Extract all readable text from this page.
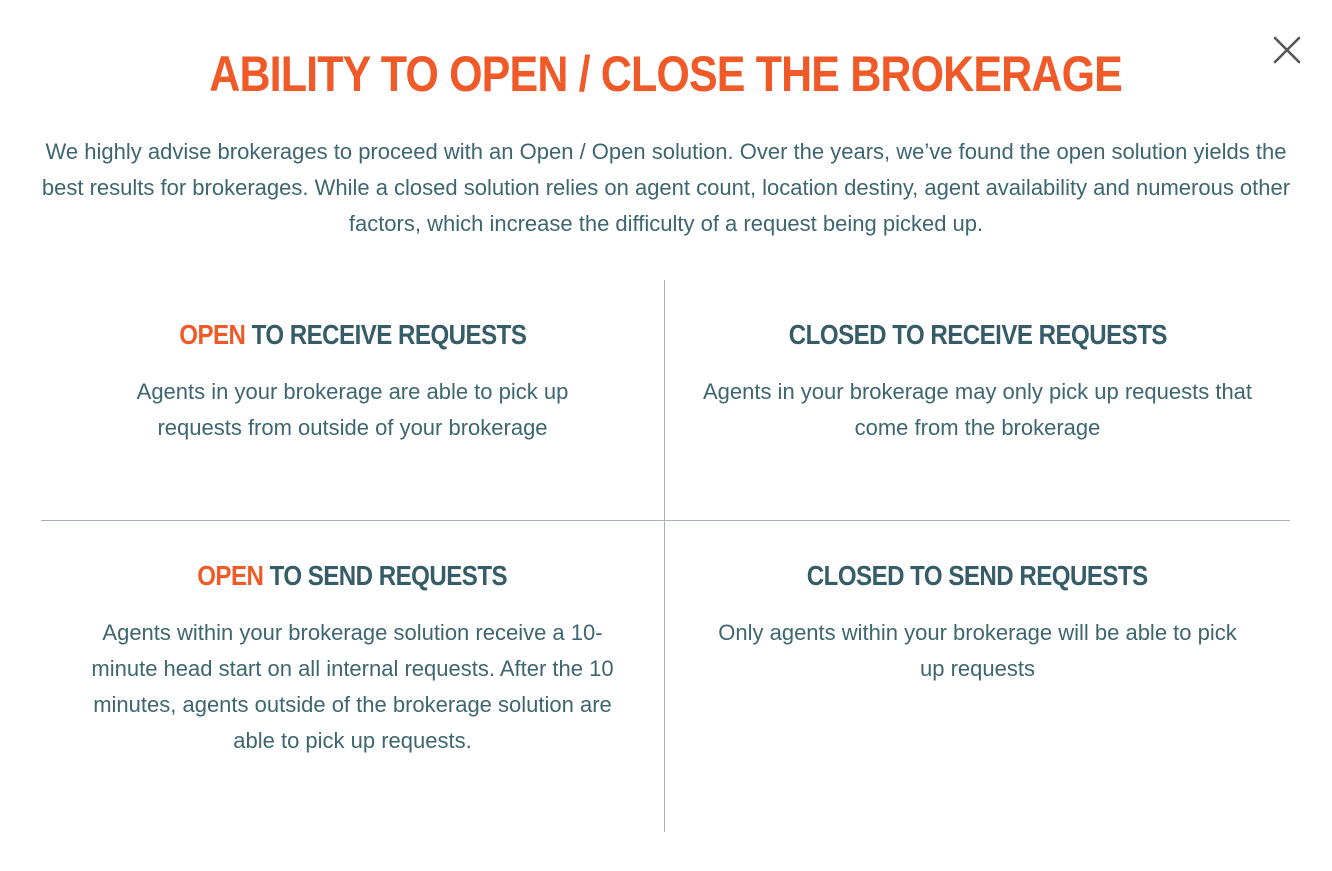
ABILITY TO OPEN / CLOSE THE BROKERAGE

We highly advise brokerages to proceed with an Open / Open solution. Over the years, we’ve found the open solution yields the best results for brokerages. While a closed solution relies on agent count, location destiny, agent availability and numerous other factors, which increase the difficulty of a request being picked up.

OPEN TO RECEIVE REQUESTS

Agents in your brokerage are able to pick up requests from outside of your brokerage

CLOSED TO RECEIVE REQUESTS

Agents in your brokerage may only pick up requests that come from the brokerage

OPEN TO SEND REQUESTS

Agents within your brokerage solution receive a 10-minute head start on all internal requests. After the 10 minutes, agents outside of the brokerage solution are able to pick up requests.

CLOSED TO SEND REQUESTS

Only agents within your brokerage will be able to pick up requests
